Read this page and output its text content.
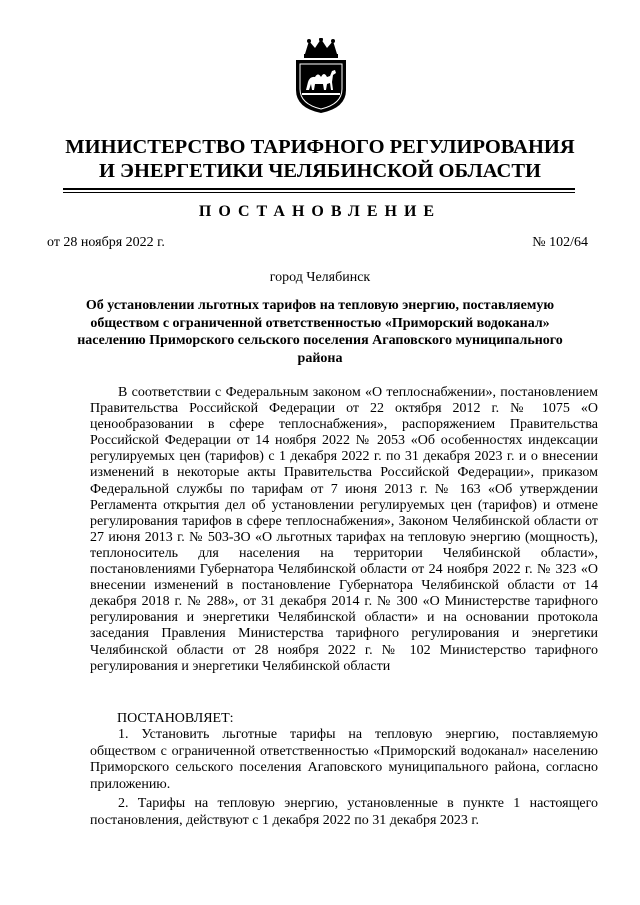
МИНИСТЕРСТВО ТАРИФНОГО РЕГУЛИРОВАНИЯ
И ЭНЕРГЕТИКИ ЧЕЛЯБИНСКОЙ ОБЛАСТИ
ПОСТАНОВЛЕНИЕ
от 28 ноября 2022 г.	№ 102/64
город Челябинск
Об установлении льготных тарифов на тепловую энергию, поставляемую обществом с ограниченной ответственностью «Приморский водоканал» населению Приморского сельского поселения Агаповского муниципального района

В соответствии с Федеральным законом «О теплоснабжении», постановлением Правительства Российской Федерации от 22 октября 2012 г. № 1075 «О ценообразовании в сфере теплоснабжения», распоряжением Правительства Российской Федерации от 14 ноября 2022 № 2053 «Об особенностях индексации регулируемых цен (тарифов) с 1 декабря 2022 г. по 31 декабря 2023 г. и о внесении изменений в некоторые акты Правительства Российской Федерации», приказом Федеральной службы по тарифам от 7 июня 2013 г. № 163 «Об утверждении Регламента открытия дел об установлении регулируемых цен (тарифов) и отмене регулирования тарифов в сфере теплоснабжения», Законом Челябинской области от 27 июня 2013 г. № 503-ЗО «О льготных тарифах на тепловую энергию (мощность), теплоноситель для населения на территории Челябинской области», постановлениями Губернатора Челябинской области от 24 ноября 2022 г. № 323 «О внесении изменений в постановление Губернатора Челябинской области от 14 декабря 2018 г. № 288», от 31 декабря 2014 г. № 300 «О Министерстве тарифного регулирования и энергетики Челябинской области» и на основании протокола заседания Правления Министерства тарифного регулирования и энергетики Челябинской области от 28 ноября 2022 г. № 102 Министерство тарифного регулирования и энергетики Челябинской области

ПОСТАНОВЛЯЕТ:

1. Установить льготные тарифы на тепловую энергию, поставляемую обществом с ограниченной ответственностью «Приморский водоканал» населению Приморского сельского поселения Агаповского муниципального района, согласно приложению.

2. Тарифы на тепловую энергию, установленные в пункте 1 настоящего постановления, действуют с 1 декабря 2022 по 31 декабря 2023 г.
